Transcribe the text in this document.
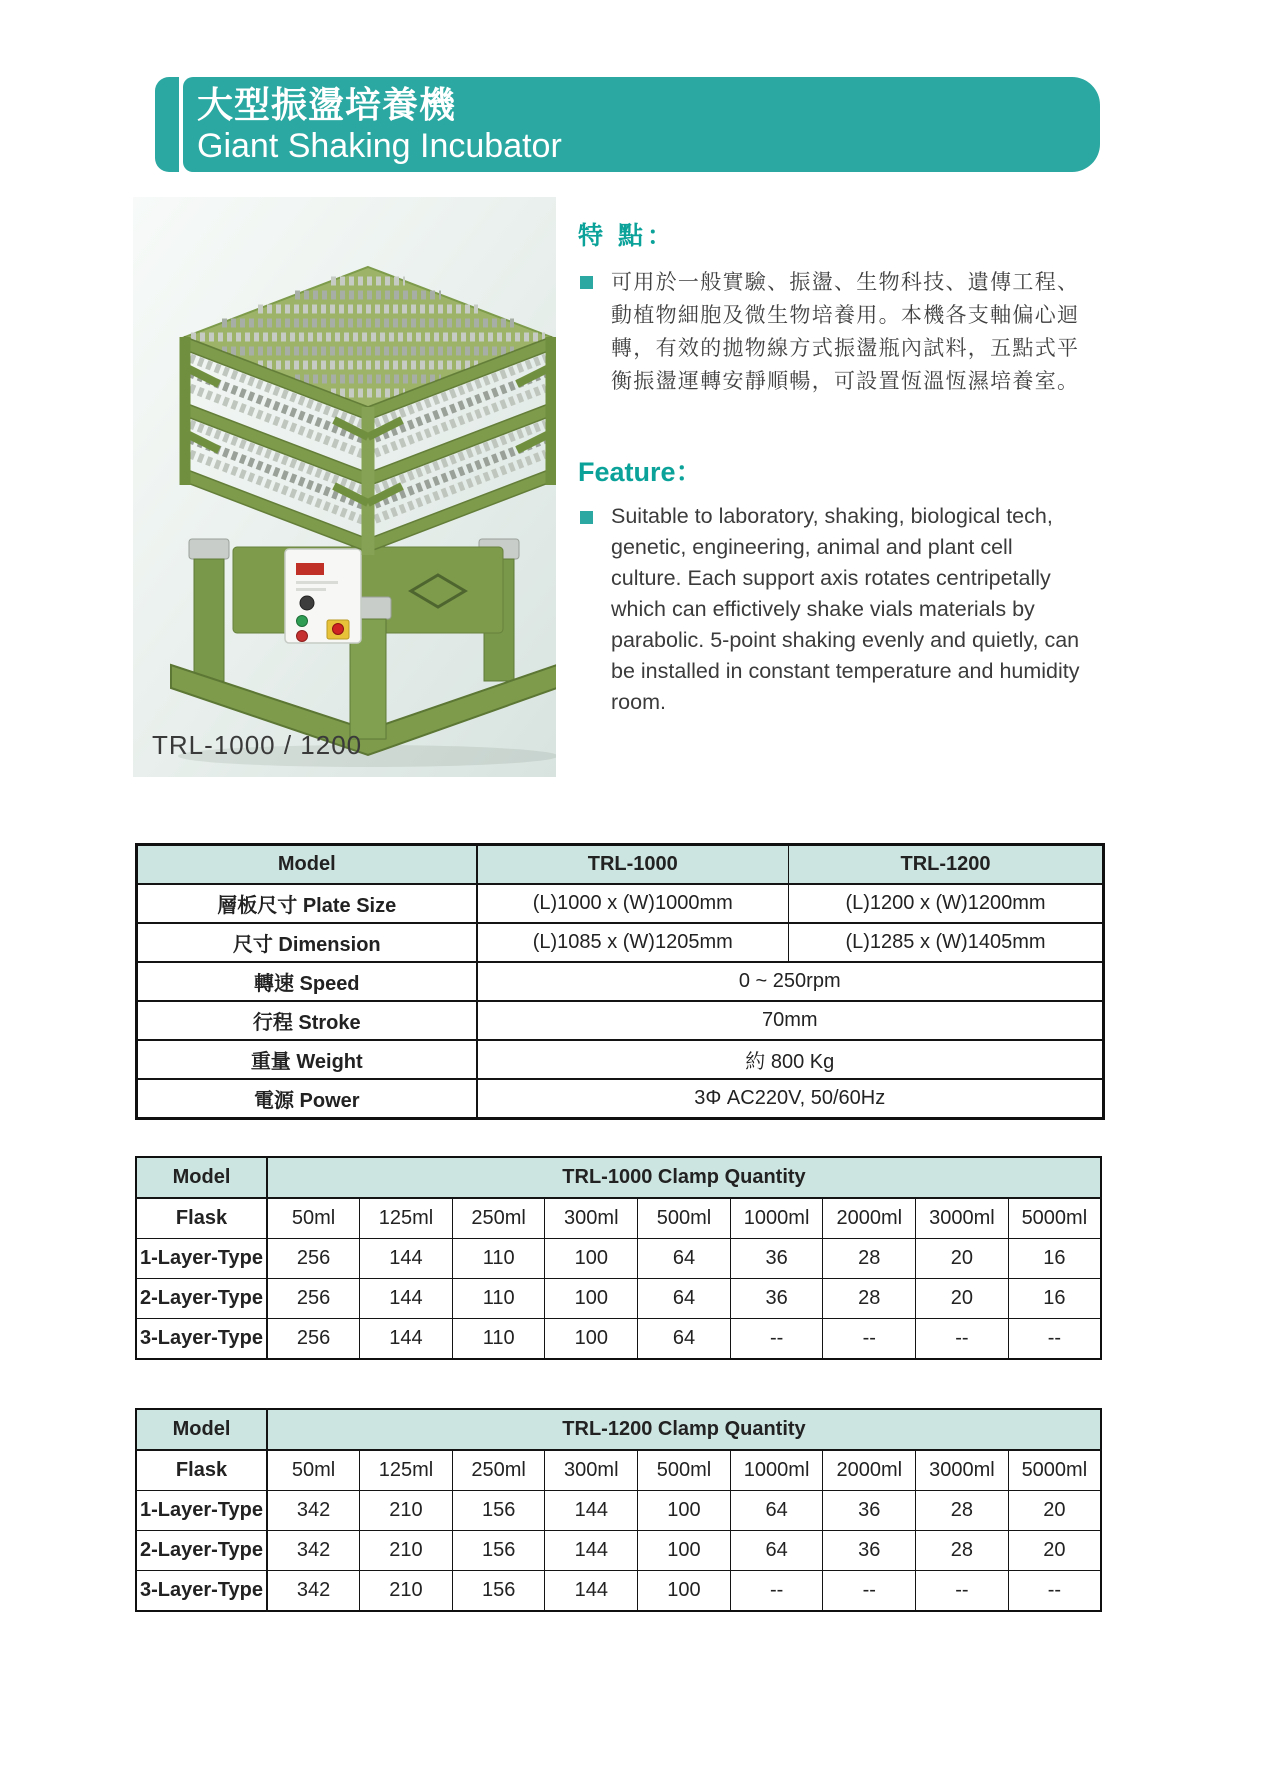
大型振盪培養機
Giant Shaking Incubator
TRL-1000 / 1200
特 點：

可用於一般實驗、振盪、生物科技、遺傳工程、動植物細胞及微生物培養用。本機各支軸偏心迴轉，有效的拋物線方式振盪瓶內試料，五點式平衡振盪運轉安靜順暢，可設置恆溫恆濕培養室。

Feature：

Suitable to laboratory, shaking, biological tech, genetic, engineering, animal and plant cell culture. Each support axis rotates centripetally which can effictively shake vials materials by parabolic. 5-point shaking evenly and quietly, can be installed in constant temperature and humidity room.

Model	TRL-1000	TRL-1200
層板尺寸 Plate Size	(L)1000 x (W)1000mm	(L)1200 x (W)1200mm
尺寸 Dimension	(L)1085 x (W)1205mm	(L)1285 x (W)1405mm
轉速 Speed	0 ~ 250rpm	
行程 Stroke	70mm	
重量 Weight	約 800 Kg	
電源 Power	3Φ AC220V, 50/60Hz	
Model	TRL-1000 Clamp Quantity								
Flask	50ml	125ml	250ml	300ml	500ml	1000ml	2000ml	3000ml	5000ml
1-Layer-Type	256	144	110	100	64	36	28	20	16
2-Layer-Type	256	144	110	100	64	36	28	20	16
3-Layer-Type	256	144	110	100	64	--	--	--	--
Model	TRL-1200 Clamp Quantity								
Flask	50ml	125ml	250ml	300ml	500ml	1000ml	2000ml	3000ml	5000ml
1-Layer-Type	342	210	156	144	100	64	36	28	20
2-Layer-Type	342	210	156	144	100	64	36	28	20
3-Layer-Type	342	210	156	144	100	--	--	--	--
